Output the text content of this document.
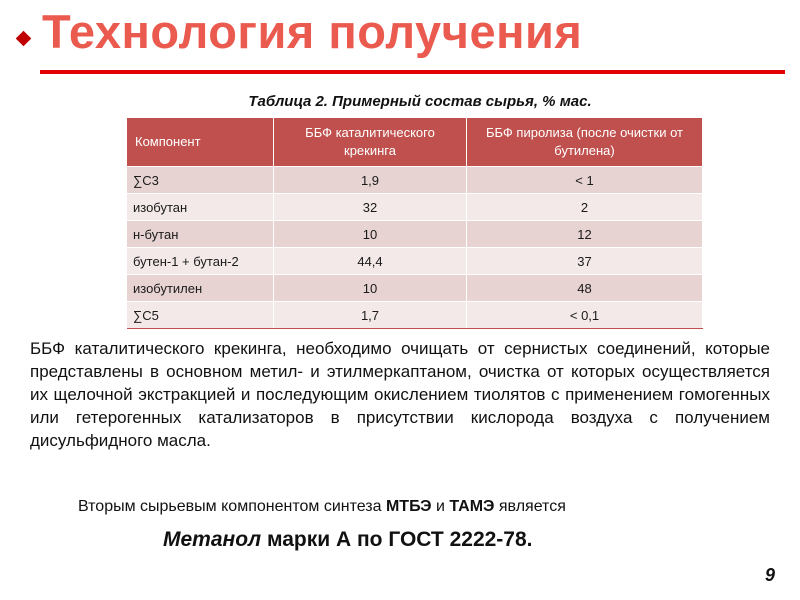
Технология получения
Таблица 2. Примерный состав сырья, % мас.
Компонент	ББФ каталитического крекинга	ББФ пиролиза (после очистки от бутилена)
∑С3	1,9	< 1
изобутан	32	2
н-бутан	10	12
бутен-1 + бутан-2	44,4	37
изобутилен	10	48
∑С5	1,7	< 0,1

ББФ каталитического крекинга, необходимо очищать от сернистых соединений, которые представлены в основном метил- и этилмеркаптаном, очистка от которых осуществляется их щелочной экстракцией и последующим окислением тиолятов с применением гомогенных или гетерогенных катализаторов в присутствии кислорода воздуха с получением дисульфидного масла.

Вторым сырьевым компонентом синтеза МТБЭ и ТАМЭ является

Метанол марки А по ГОСТ 2222-78.

9
